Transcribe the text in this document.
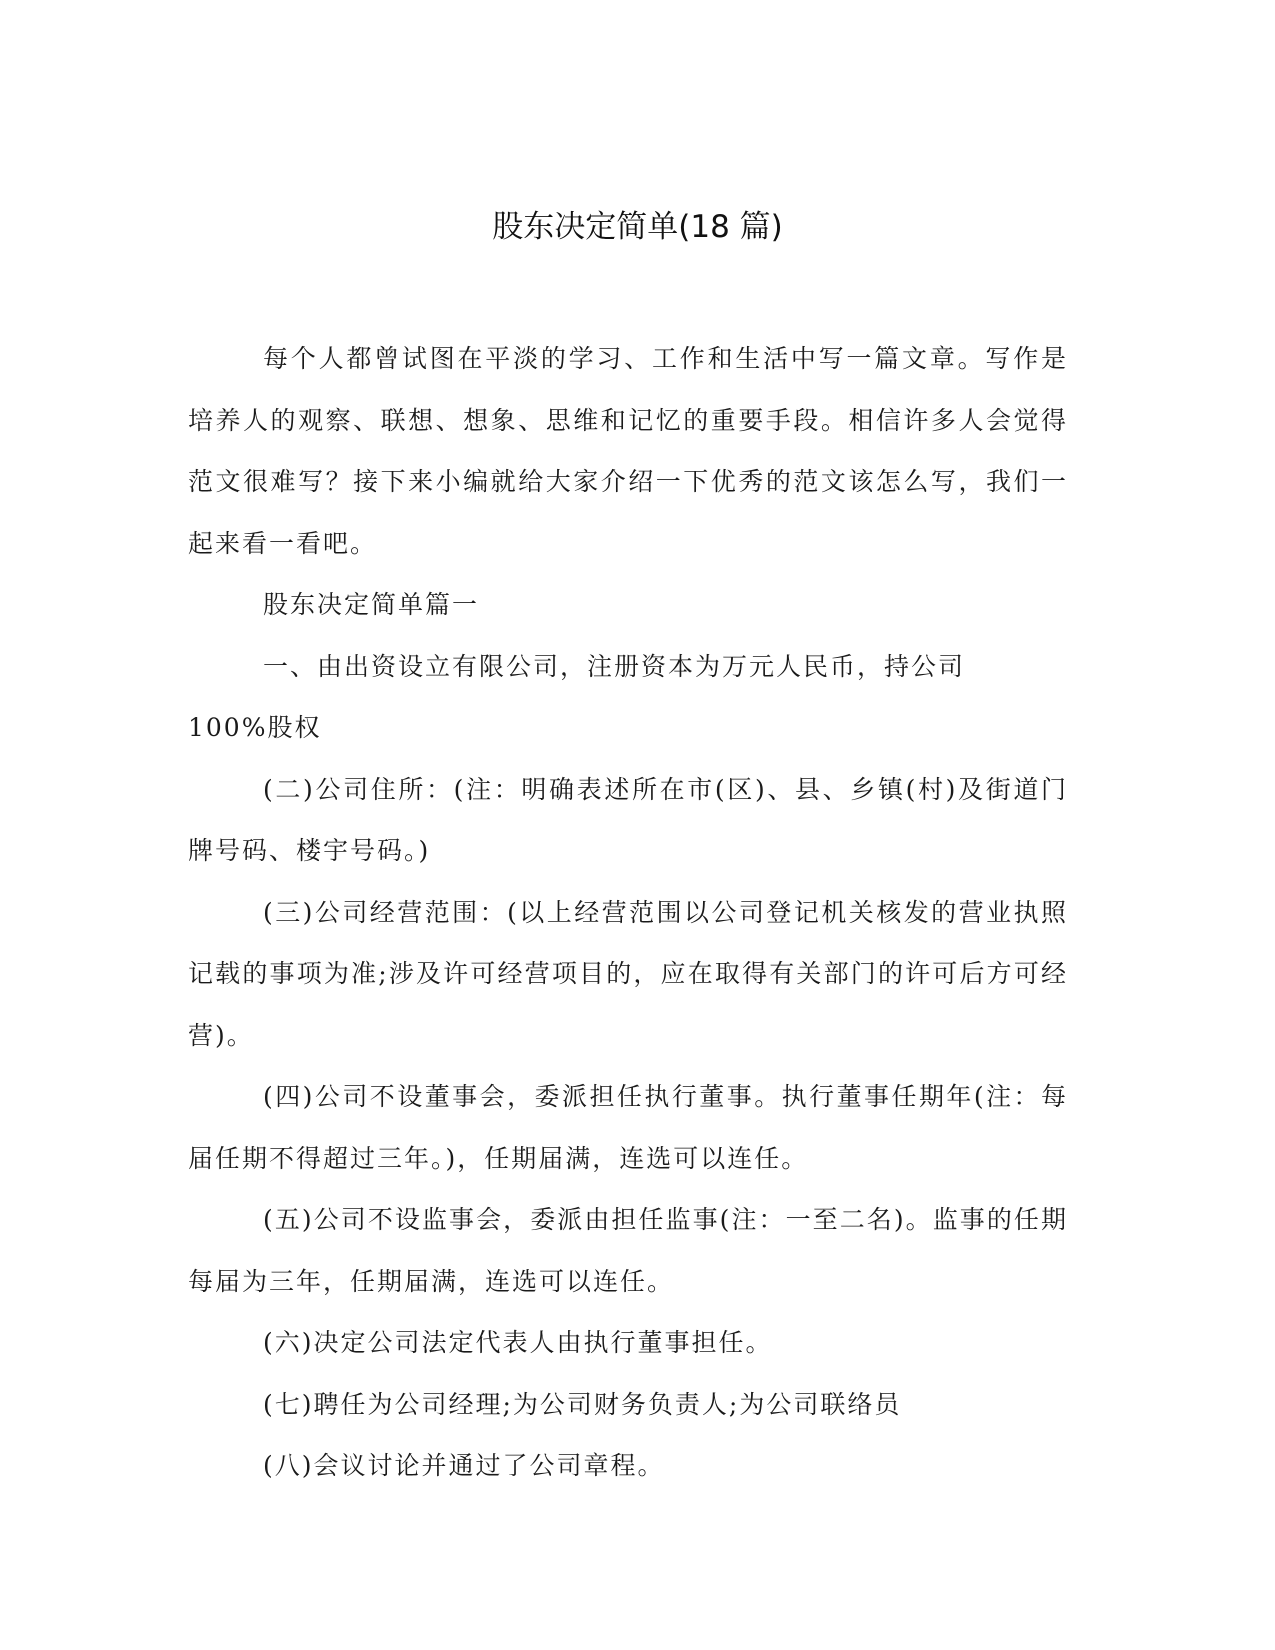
股东决定简单(18 篇)

每个人都曾试图在平淡的学习、工作和生活中写一篇文章。写作是培养人的观察、联想、想象、思维和记忆的重要手段。相信许多人会觉得范文很难写？接下来小编就给大家介绍一下优秀的范文该怎么写，我们一起来看一看吧。

股东决定简单篇一

一、由出资设立有限公司，注册资本为万元人民币，持公司

100%股权

(二)公司住所：(注：明确表述所在市(区)、县、乡镇(村)及街道门牌号码、楼宇号码。)

(三)公司经营范围：(以上经营范围以公司登记机关核发的营业执照记载的事项为准;涉及许可经营项目的，应在取得有关部门的许可后方可经营)。

(四)公司不设董事会，委派担任执行董事。执行董事任期年(注：每届任期不得超过三年。)，任期届满，连选可以连任。

(五)公司不设监事会，委派由担任监事(注：一至二名)。监事的任期每届为三年，任期届满，连选可以连任。

(六)决定公司法定代表人由执行董事担任。

(七)聘任为公司经理;为公司财务负责人;为公司联络员

(八)会议讨论并通过了公司章程。
